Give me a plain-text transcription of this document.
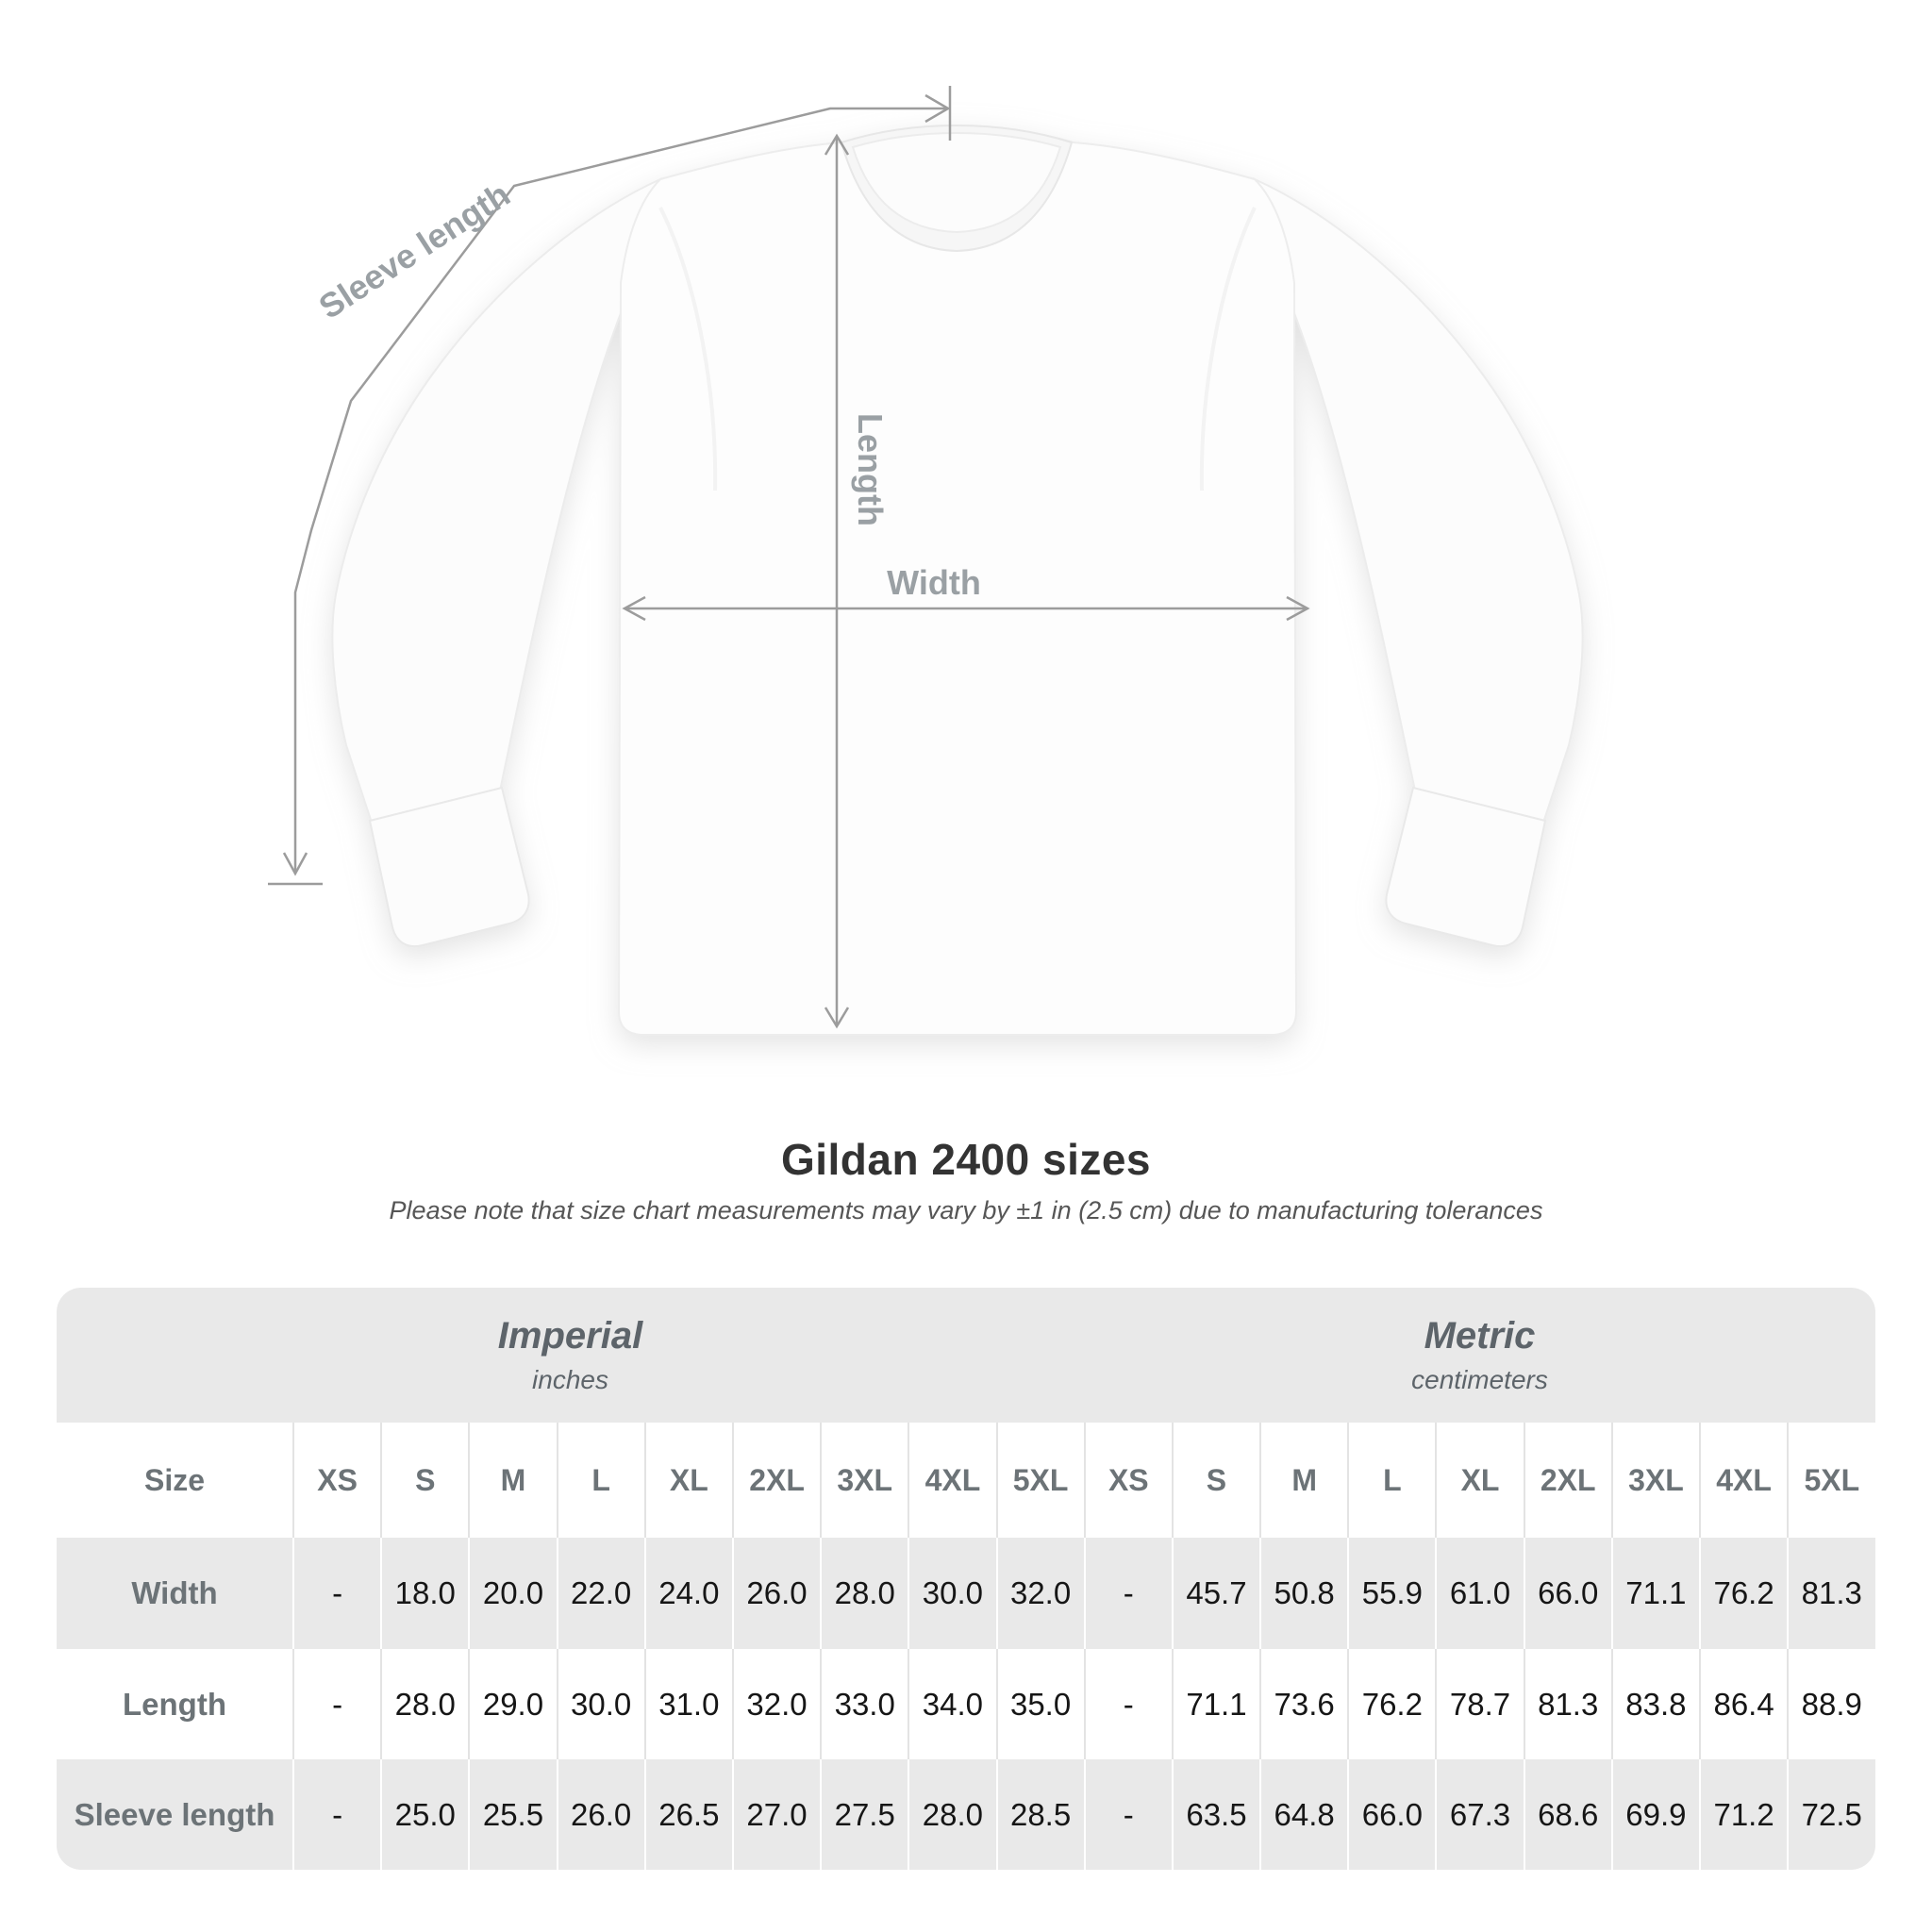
Sleeve length
Length
Width
Gildan 2400 sizes
Please note that size chart measurements may vary by ±1 in (2.5 cm) due to manufacturing tolerances
Imperial
inches
Metric
centimeters
Size	XS	S	M	L	XL	2XL	3XL	4XL	5XL	XS	S	M	L	XL	2XL	3XL	4XL	5XL
Width	-	18.0 20.0 22.0 24.0 26.0 28.0 30.0 32.0	-	45.7 50.8 55.9 61.0 66.0 71.1 76.2 81.3
Length	-	28.0 29.0 30.0 31.0 32.0 33.0 34.0 35.0	-	71.1 73.6 76.2 78.7 81.3 83.8 86.4 88.9
Sleeve length	-	25.0 25.5 26.0 26.5 27.0 27.5 28.0 28.5	-	63.5 64.8 66.0 67.3 68.6 69.9 71.2 72.5
